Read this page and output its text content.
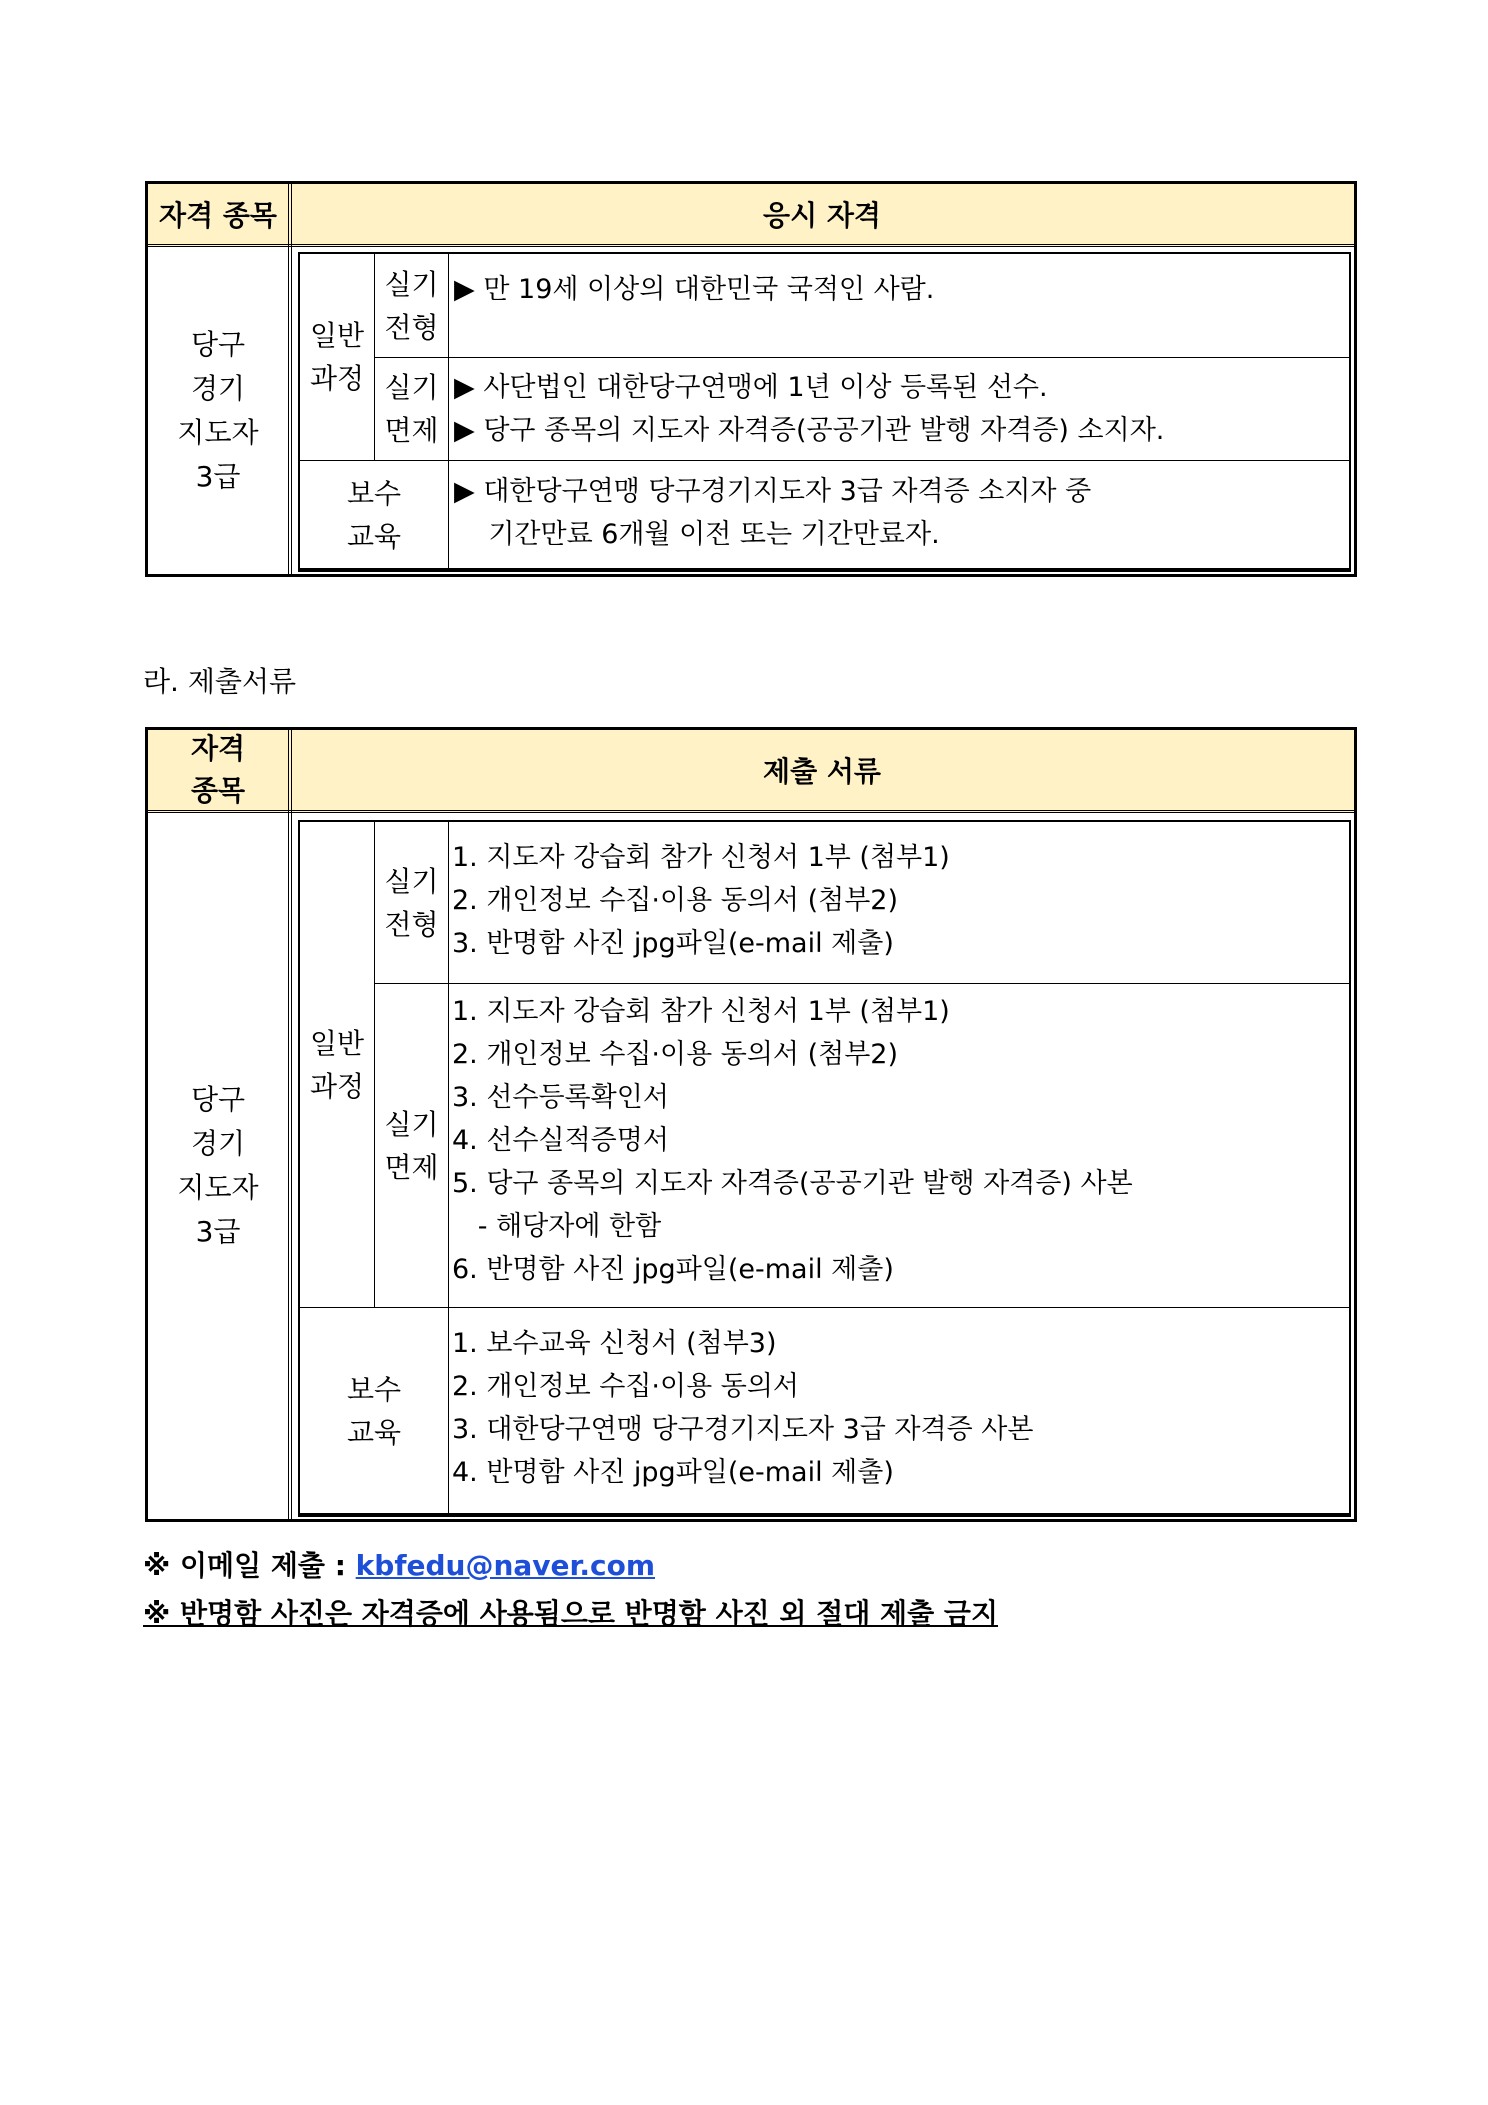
자격 종목	응시 자격
당구
경기
지도자
3급
일반
과정
실기
전형
▶ 만 19세 이상의 대한민국 국적인 사람.
실기
면제
▶ 사단법인 대한당구연맹에 1년 이상 등록된 선수.
▶ 당구 종목의 지도자 자격증(공공기관 발행 자격증) 소지자.
보수
교육
▶ 대한당구연맹 당구경기지도자 3급 자격증 소지자 중
기간만료 6개월 이전 또는 기간만료자.
라. 제출서류
자격
종목
제출 서류
당구
경기
지도자
3급
일반
과정
실기
전형
1. 지도자 강습회 참가 신청서 1부 (첨부1)
2. 개인정보 수집·이용 동의서 (첨부2)
3. 반명함 사진 jpg파일(e-mail 제출)
실기
면제
1. 지도자 강습회 참가 신청서 1부 (첨부1)
2. 개인정보 수집·이용 동의서 (첨부2)
3. 선수등록확인서
4. 선수실적증명서
5. 당구 종목의 지도자 자격증(공공기관 발행 자격증) 사본
- 해당자에 한함
6. 반명함 사진 jpg파일(e-mail 제출)
보수
교육
1. 보수교육 신청서 (첨부3)
2. 개인정보 수집·이용 동의서
3. 대한당구연맹 당구경기지도자 3급 자격증 사본
4. 반명함 사진 jpg파일(e-mail 제출)
※ 이메일 제출 : kbfedu@naver.com
※ 반명함 사진은 자격증에 사용됨으로 반명함 사진 외 절대 제출 금지
